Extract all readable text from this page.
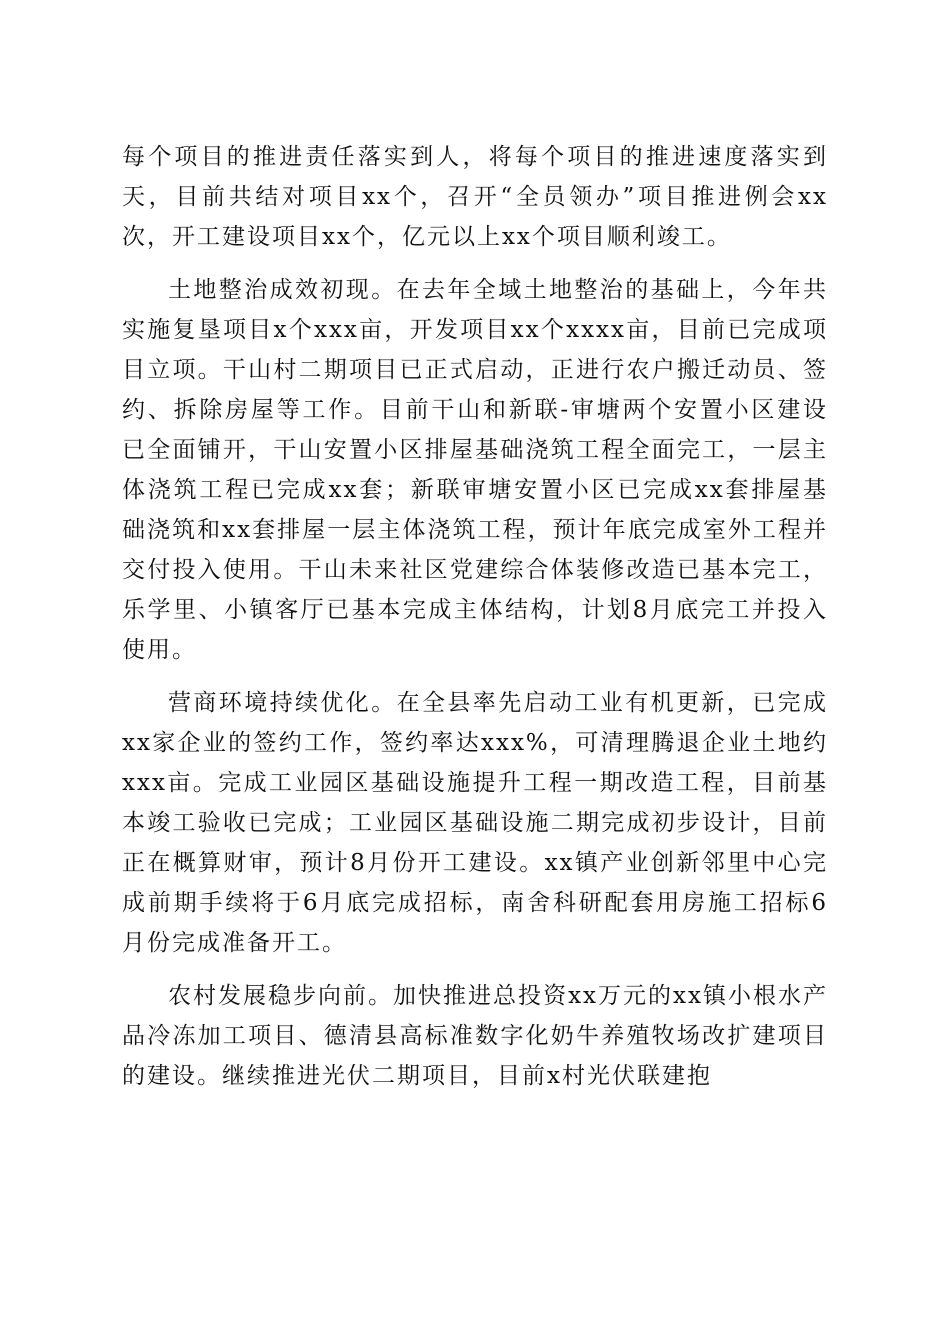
每个项目的推进责任落实到人，将每个项目的推进速度落实到天，目前共结对项目xx个，召开“全员领办”项目推进例会xx次，开工建设项目xx个，亿元以上xx个项目顺利竣工。

土地整治成效初现。在去年全域土地整治的基础上，今年共实施复垦项目x个xxx亩，开发项目xx个xxxx亩，目前已完成项目立项。干山村二期项目已正式启动，正进行农户搬迁动员、签约、拆除房屋等工作。目前干山和新联-审塘两个安置小区建设已全面铺开，干山安置小区排屋基础浇筑工程全面完工，一层主体浇筑工程已完成xx套；新联审塘安置小区已完成xx套排屋基础浇筑和xx套排屋一层主体浇筑工程，预计年底完成室外工程并交付投入使用。干山未来社区党建综合体装修改造已基本完工，乐学里、小镇客厅已基本完成主体结构，计划8月底完工并投入使用。

营商环境持续优化。在全县率先启动工业有机更新，已完成xx家企业的签约工作，签约率达xxx%，可清理腾退企业土地约xxx亩。完成工业园区基础设施提升工程一期改造工程，目前基本竣工验收已完成；工业园区基础设施二期完成初步设计，目前正在概算财审，预计8月份开工建设。xx镇产业创新邻里中心完成前期手续将于6月底完成招标，南舍科研配套用房施工招标6月份完成准备开工。

农村发展稳步向前。加快推进总投资xx万元的xx镇小根水产品冷冻加工项目、德清县高标准数字化奶牛养殖牧场改扩建项目的建设。继续推进光伏二期项目，目前x村光伏联建抱
